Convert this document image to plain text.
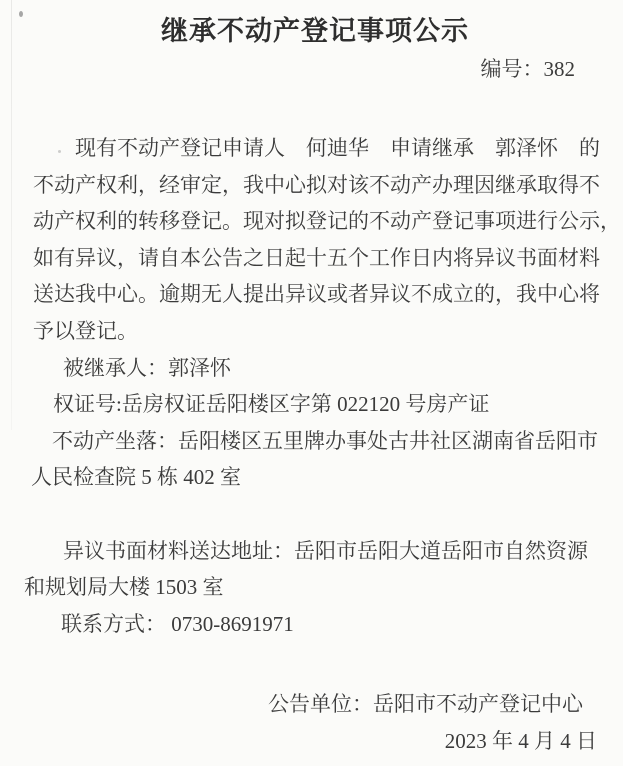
继承不动产登记事项公示
编号：382
现有不动产登记申请人　何迪华　申请继承　郭泽怀　的
不动产权利，经审定，我中心拟对该不动产办理因继承取得不
动产权利的转移登记。现对拟登记的不动产登记事项进行公示，
如有异议，请自本公告之日起十五个工作日内将异议书面材料
送达我中心。逾期无人提出异议或者异议不成立的，我中心将
予以登记。
被继承人：郭泽怀
权证号:岳房权证岳阳楼区字第 022120 号房产证
不动产坐落：岳阳楼区五里牌办事处古井社区湖南省岳阳市
人民检查院 5 栋 402 室
异议书面材料送达地址：岳阳市岳阳大道岳阳市自然资源
和规划局大楼 1503 室
联系方式： 0730-8691971
公告单位：岳阳市不动产登记中心
2023 年 4 月 4 日
